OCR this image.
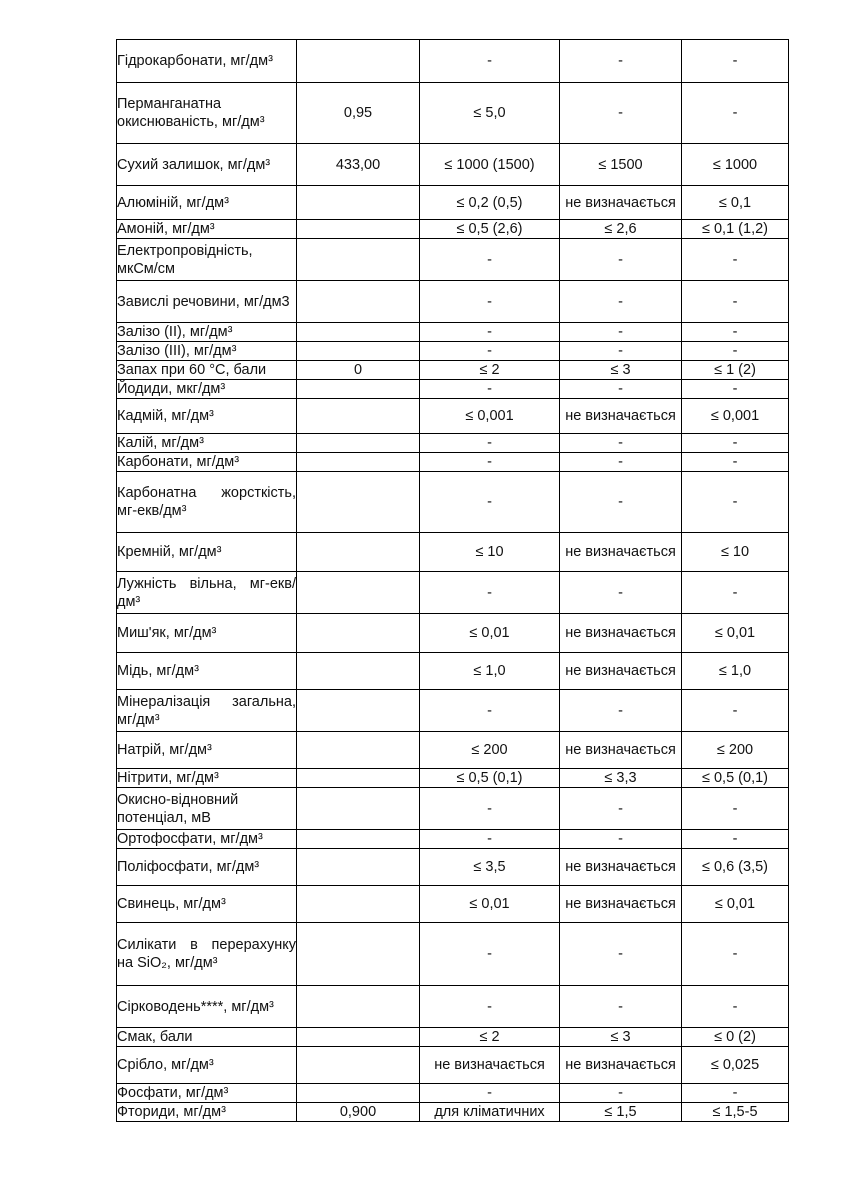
Гідрокарбонати, мг/дм³		-	-	-
Перманганатна окиснюваність, мг/дм³	0,95	≤ 5,0	-	-
Сухий залишок, мг/дм³	433,00	≤ 1000 (1500)	≤ 1500	≤ 1000
Алюміній, мг/дм³		≤ 0,2 (0,5)	не визначається	≤ 0,1
Амоній, мг/дм³		≤ 0,5 (2,6)	≤ 2,6	≤ 0,1 (1,2)
Електропровідність, мкСм/см		-	-	-
Завислі речовини, мг/дм3		-	-	-
Залізо (II), мг/дм³		-	-	-
Залізо (III), мг/дм³		-	-	-
Запах при 60 °С, бали	0	≤ 2	≤ 3	≤ 1 (2)
Йодиди, мкг/дм³		-	-	-
Кадмій, мг/дм³		≤ 0,001	не визначається	≤ 0,001
Калій, мг/дм³		-	-	-
Карбонати, мг/дм³		-	-	-
Карбонатна жорсткість, мг-екв/дм³		-	-	-
Кремній, мг/дм³		≤ 10	не визначається	≤ 10
Лужність вільна, мг-екв/дм³		-	-	-
Миш'як, мг/дм³		≤ 0,01	не визначається	≤ 0,01
Мідь, мг/дм³		≤ 1,0	не визначається	≤ 1,0
Мінералізація загальна, мг/дм³		-	-	-
Натрій, мг/дм³		≤ 200	не визначається	≤ 200
Нітрити, мг/дм³		≤ 0,5 (0,1)	≤ 3,3	≤ 0,5 (0,1)
Окисно-відновний потенціал, мВ		-	-	-
Ортофосфати, мг/дм³		-	-	-
Поліфосфати, мг/дм³		≤ 3,5	не визначається	≤ 0,6 (3,5)
Свинець, мг/дм³		≤ 0,01	не визначається	≤ 0,01
Силікати в перерахунку на SiO₂, мг/дм³		-	-	-
Сірководень****, мг/дм³		-	-	-
Смак, бали		≤ 2	≤ 3	≤ 0 (2)
Срібло, мг/дм³		не визначається	не визначається	≤ 0,025
Фосфати, мг/дм³		-	-	-
Фториди, мг/дм³	0,900	для кліматичних	≤ 1,5	≤ 1,5-5
